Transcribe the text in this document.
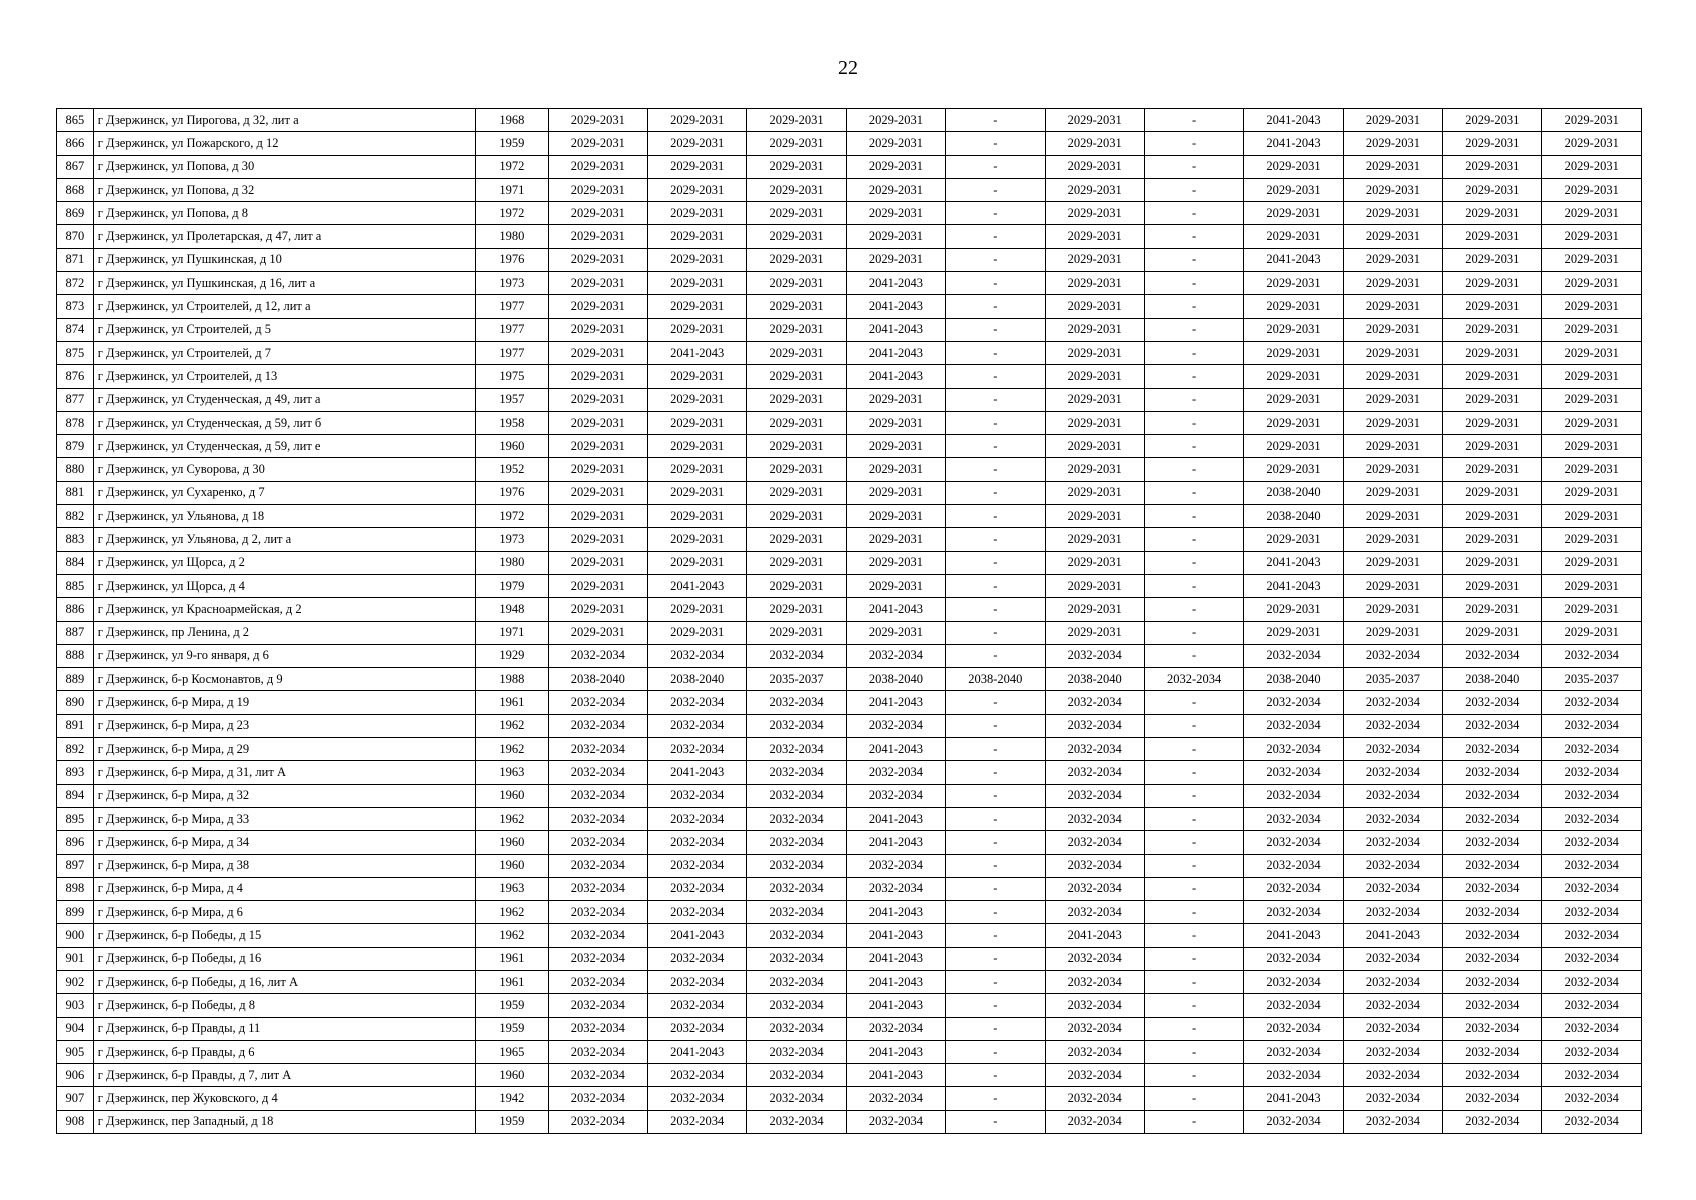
22
865	г Дзержинск, ул Пирогова, д 32, лит а	1968	2029-2031	2029-2031	2029-2031	2029-2031	-	2029-2031	-	2041-2043	2029-2031	2029-2031	2029-2031
866	г Дзержинск, ул Пожарского, д 12	1959	2029-2031	2029-2031	2029-2031	2029-2031	-	2029-2031	-	2041-2043	2029-2031	2029-2031	2029-2031
867	г Дзержинск, ул Попова, д 30	1972	2029-2031	2029-2031	2029-2031	2029-2031	-	2029-2031	-	2029-2031	2029-2031	2029-2031	2029-2031
868	г Дзержинск, ул Попова, д 32	1971	2029-2031	2029-2031	2029-2031	2029-2031	-	2029-2031	-	2029-2031	2029-2031	2029-2031	2029-2031
869	г Дзержинск, ул Попова, д 8	1972	2029-2031	2029-2031	2029-2031	2029-2031	-	2029-2031	-	2029-2031	2029-2031	2029-2031	2029-2031
870	г Дзержинск, ул Пролетарская, д 47, лит а	1980	2029-2031	2029-2031	2029-2031	2029-2031	-	2029-2031	-	2029-2031	2029-2031	2029-2031	2029-2031
871	г Дзержинск, ул Пушкинская, д 10	1976	2029-2031	2029-2031	2029-2031	2029-2031	-	2029-2031	-	2041-2043	2029-2031	2029-2031	2029-2031
872	г Дзержинск, ул Пушкинская, д 16, лит а	1973	2029-2031	2029-2031	2029-2031	2041-2043	-	2029-2031	-	2029-2031	2029-2031	2029-2031	2029-2031
873	г Дзержинск, ул Строителей, д 12, лит а	1977	2029-2031	2029-2031	2029-2031	2041-2043	-	2029-2031	-	2029-2031	2029-2031	2029-2031	2029-2031
874	г Дзержинск, ул Строителей, д 5	1977	2029-2031	2029-2031	2029-2031	2041-2043	-	2029-2031	-	2029-2031	2029-2031	2029-2031	2029-2031
875	г Дзержинск, ул Строителей, д 7	1977	2029-2031	2041-2043	2029-2031	2041-2043	-	2029-2031	-	2029-2031	2029-2031	2029-2031	2029-2031
876	г Дзержинск, ул Строителей, д 13	1975	2029-2031	2029-2031	2029-2031	2041-2043	-	2029-2031	-	2029-2031	2029-2031	2029-2031	2029-2031
877	г Дзержинск, ул Студенческая, д 49, лит а	1957	2029-2031	2029-2031	2029-2031	2029-2031	-	2029-2031	-	2029-2031	2029-2031	2029-2031	2029-2031
878	г Дзержинск, ул Студенческая, д 59, лит б	1958	2029-2031	2029-2031	2029-2031	2029-2031	-	2029-2031	-	2029-2031	2029-2031	2029-2031	2029-2031
879	г Дзержинск, ул Студенческая, д 59, лит е	1960	2029-2031	2029-2031	2029-2031	2029-2031	-	2029-2031	-	2029-2031	2029-2031	2029-2031	2029-2031
880	г Дзержинск, ул Суворова, д 30	1952	2029-2031	2029-2031	2029-2031	2029-2031	-	2029-2031	-	2029-2031	2029-2031	2029-2031	2029-2031
881	г Дзержинск, ул Сухаренко, д 7	1976	2029-2031	2029-2031	2029-2031	2029-2031	-	2029-2031	-	2038-2040	2029-2031	2029-2031	2029-2031
882	г Дзержинск, ул Ульянова, д 18	1972	2029-2031	2029-2031	2029-2031	2029-2031	-	2029-2031	-	2038-2040	2029-2031	2029-2031	2029-2031
883	г Дзержинск, ул Ульянова, д 2, лит а	1973	2029-2031	2029-2031	2029-2031	2029-2031	-	2029-2031	-	2029-2031	2029-2031	2029-2031	2029-2031
884	г Дзержинск, ул Щорса, д 2	1980	2029-2031	2029-2031	2029-2031	2029-2031	-	2029-2031	-	2041-2043	2029-2031	2029-2031	2029-2031
885	г Дзержинск, ул Щорса, д 4	1979	2029-2031	2041-2043	2029-2031	2029-2031	-	2029-2031	-	2041-2043	2029-2031	2029-2031	2029-2031
886	г Дзержинск, ул Красноармейская, д 2	1948	2029-2031	2029-2031	2029-2031	2041-2043	-	2029-2031	-	2029-2031	2029-2031	2029-2031	2029-2031
887	г Дзержинск, пр Ленина, д 2	1971	2029-2031	2029-2031	2029-2031	2029-2031	-	2029-2031	-	2029-2031	2029-2031	2029-2031	2029-2031
888	г Дзержинск, ул 9-го января, д 6	1929	2032-2034	2032-2034	2032-2034	2032-2034	-	2032-2034	-	2032-2034	2032-2034	2032-2034	2032-2034
889	г Дзержинск, б-р Космонавтов, д 9	1988	2038-2040	2038-2040	2035-2037	2038-2040	2038-2040	2038-2040	2032-2034	2038-2040	2035-2037	2038-2040	2035-2037
890	г Дзержинск, б-р Мира, д 19	1961	2032-2034	2032-2034	2032-2034	2041-2043	-	2032-2034	-	2032-2034	2032-2034	2032-2034	2032-2034
891	г Дзержинск, б-р Мира, д 23	1962	2032-2034	2032-2034	2032-2034	2032-2034	-	2032-2034	-	2032-2034	2032-2034	2032-2034	2032-2034
892	г Дзержинск, б-р Мира, д 29	1962	2032-2034	2032-2034	2032-2034	2041-2043	-	2032-2034	-	2032-2034	2032-2034	2032-2034	2032-2034
893	г Дзержинск, б-р Мира, д 31, лит А	1963	2032-2034	2041-2043	2032-2034	2032-2034	-	2032-2034	-	2032-2034	2032-2034	2032-2034	2032-2034
894	г Дзержинск, б-р Мира, д 32	1960	2032-2034	2032-2034	2032-2034	2032-2034	-	2032-2034	-	2032-2034	2032-2034	2032-2034	2032-2034
895	г Дзержинск, б-р Мира, д 33	1962	2032-2034	2032-2034	2032-2034	2041-2043	-	2032-2034	-	2032-2034	2032-2034	2032-2034	2032-2034
896	г Дзержинск, б-р Мира, д 34	1960	2032-2034	2032-2034	2032-2034	2041-2043	-	2032-2034	-	2032-2034	2032-2034	2032-2034	2032-2034
897	г Дзержинск, б-р Мира, д 38	1960	2032-2034	2032-2034	2032-2034	2032-2034	-	2032-2034	-	2032-2034	2032-2034	2032-2034	2032-2034
898	г Дзержинск, б-р Мира, д 4	1963	2032-2034	2032-2034	2032-2034	2032-2034	-	2032-2034	-	2032-2034	2032-2034	2032-2034	2032-2034
899	г Дзержинск, б-р Мира, д 6	1962	2032-2034	2032-2034	2032-2034	2041-2043	-	2032-2034	-	2032-2034	2032-2034	2032-2034	2032-2034
900	г Дзержинск, б-р Победы, д 15	1962	2032-2034	2041-2043	2032-2034	2041-2043	-	2041-2043	-	2041-2043	2041-2043	2032-2034	2032-2034
901	г Дзержинск, б-р Победы, д 16	1961	2032-2034	2032-2034	2032-2034	2041-2043	-	2032-2034	-	2032-2034	2032-2034	2032-2034	2032-2034
902	г Дзержинск, б-р Победы, д 16, лит А	1961	2032-2034	2032-2034	2032-2034	2041-2043	-	2032-2034	-	2032-2034	2032-2034	2032-2034	2032-2034
903	г Дзержинск, б-р Победы, д 8	1959	2032-2034	2032-2034	2032-2034	2041-2043	-	2032-2034	-	2032-2034	2032-2034	2032-2034	2032-2034
904	г Дзержинск, б-р Правды, д 11	1959	2032-2034	2032-2034	2032-2034	2032-2034	-	2032-2034	-	2032-2034	2032-2034	2032-2034	2032-2034
905	г Дзержинск, б-р Правды, д 6	1965	2032-2034	2041-2043	2032-2034	2041-2043	-	2032-2034	-	2032-2034	2032-2034	2032-2034	2032-2034
906	г Дзержинск, б-р Правды, д 7, лит А	1960	2032-2034	2032-2034	2032-2034	2041-2043	-	2032-2034	-	2032-2034	2032-2034	2032-2034	2032-2034
907	г Дзержинск, пер Жуковского, д 4	1942	2032-2034	2032-2034	2032-2034	2032-2034	-	2032-2034	-	2041-2043	2032-2034	2032-2034	2032-2034
908	г Дзержинск, пер Западный, д 18	1959	2032-2034	2032-2034	2032-2034	2032-2034	-	2032-2034	-	2032-2034	2032-2034	2032-2034	2032-2034
